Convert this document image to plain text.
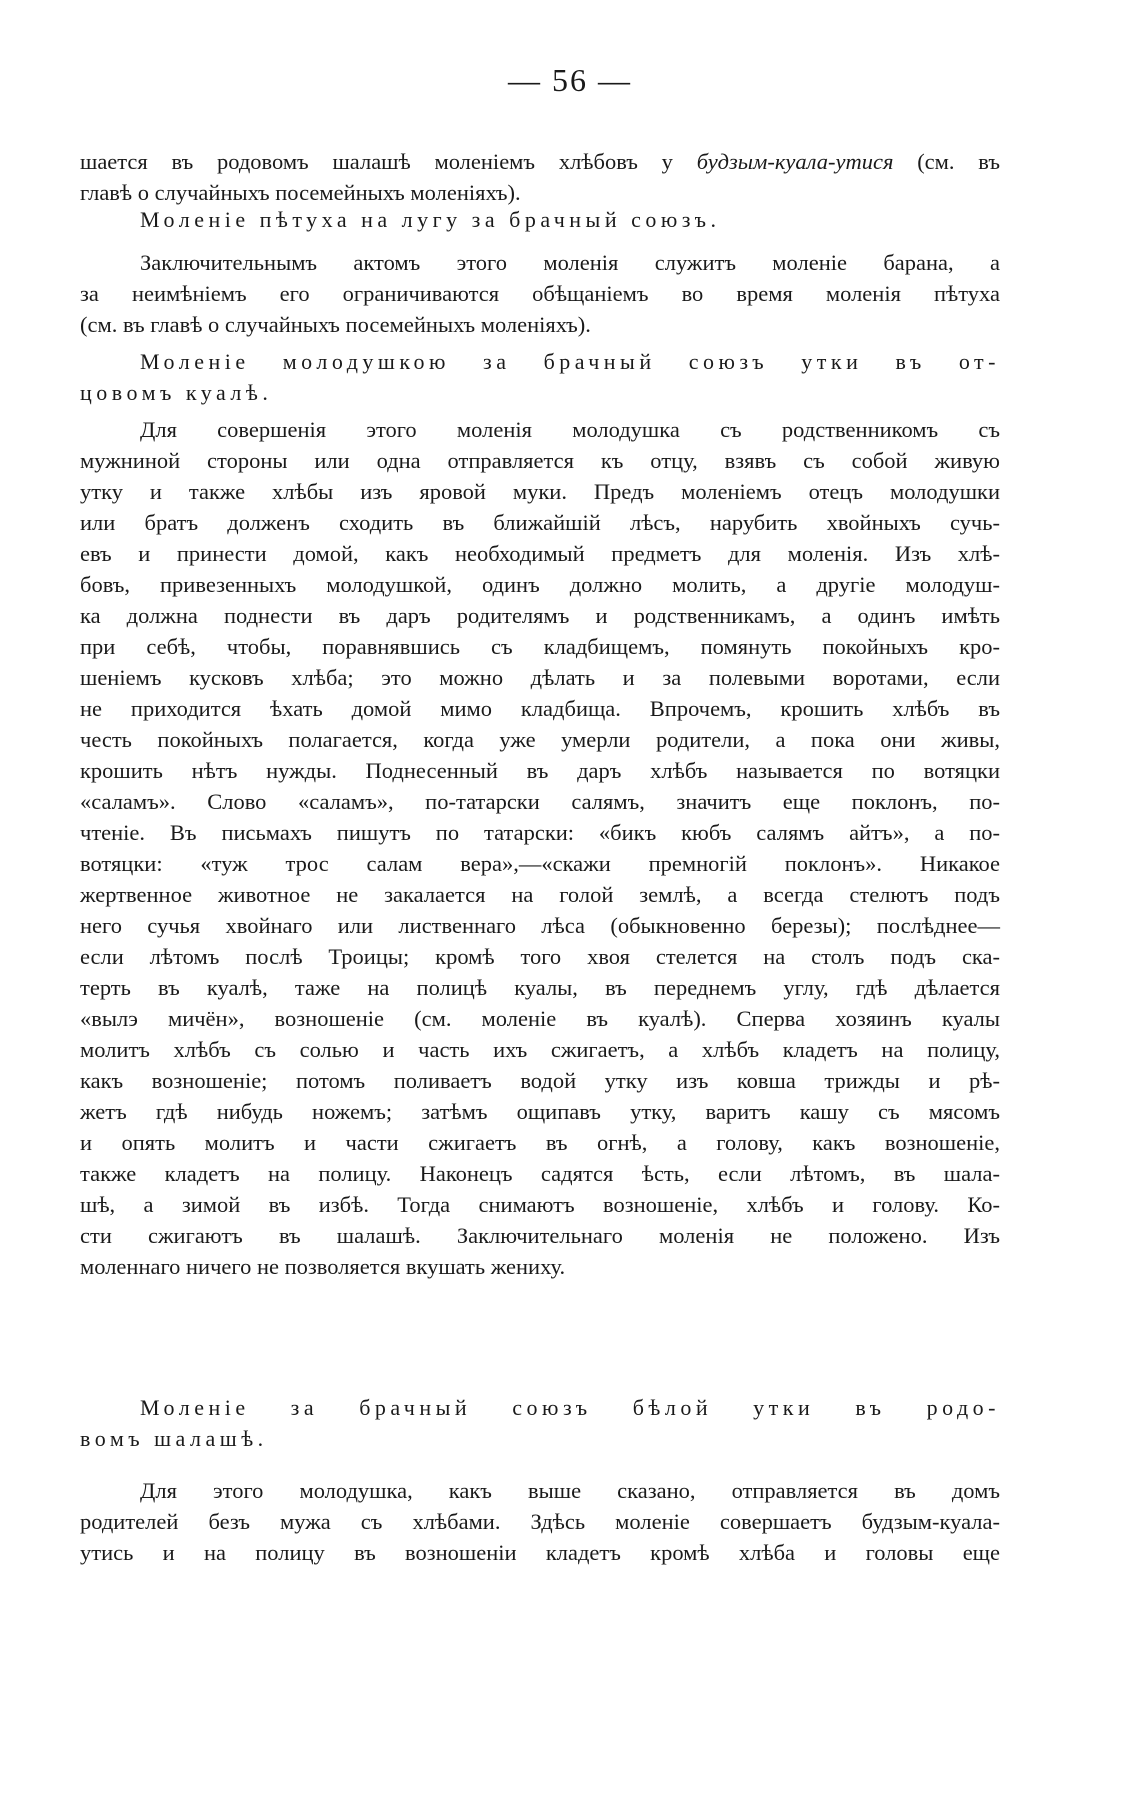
— 56 —
шается въ родовомъ шалашѣ моленіемъ хлѣбовъ у будзым-куала-утися (см. въ
главѣ о случайныхъ посемейныхъ моленіяхъ).
Моленіе пѣтуха на лугу за брачный союзъ.
Заключительнымъ актомъ этого моленія служитъ моленіе барана, а
за неимѣніемъ его ограничиваются обѣщаніемъ во время моленія пѣтуха
(см. въ главѣ о случайныхъ посемейныхъ моленіяхъ).
Моленіе молодушкою за брачный союзъ утки въ от-
цовомъ куалѣ.
Для совершенія этого моленія молодушка съ родственникомъ съ
мужниной стороны или одна отправляется къ отцу, взявъ съ собой живую
утку и также хлѣбы изъ яровой муки. Предъ моленіемъ отецъ молодушки
или братъ долженъ сходить въ ближайшій лѣсъ, нарубить хвойныхъ сучь-
евъ и принести домой, какъ необходимый предметъ для моленія. Изъ хлѣ-
бовъ, привезенныхъ молодушкой, одинъ должно молить, а другіе молодуш-
ка должна поднести въ даръ родителямъ и родственникамъ, а одинъ имѣть
при себѣ, чтобы, поравнявшись съ кладбищемъ, помянуть покойныхъ кро-
шеніемъ кусковъ хлѣба; это можно дѣлать и за полевыми воротами, если
не приходится ѣхать домой мимо кладбища. Впрочемъ, крошить хлѣбъ въ
честь покойныхъ полагается, когда уже умерли родители, а пока они живы,
крошить нѣтъ нужды. Поднесенный въ даръ хлѣбъ называется по вотяцки
«саламъ». Слово «саламъ», по-татарски салямъ, значитъ еще поклонъ, по-
чтеніе. Въ письмахъ пишутъ по татарски: «бикъ кюбъ салямъ айтъ», а по-
вотяцки: «туж трос салам вера»,—«скажи премногій поклонъ». Никакое
жертвенное животное не закалается на голой землѣ, а всегда стелютъ подъ
него сучья хвойнаго или лиственнаго лѣса (обыкновенно березы); послѣднее—
если лѣтомъ послѣ Троицы; кромѣ того хвоя стелется на столъ подъ ска-
терть въ куалѣ, таже на полицѣ куалы, въ переднемъ углу, гдѣ дѣлается
«вылэ мичён», возношеніе (см. моленіе въ куалѣ). Сперва хозяинъ куалы
молитъ хлѣбъ съ солью и часть ихъ сжигаетъ, а хлѣбъ кладетъ на полицу,
какъ возношеніе; потомъ поливаетъ водой утку изъ ковша трижды и рѣ-
жетъ гдѣ нибудь ножемъ; затѣмъ ощипавъ утку, варитъ кашу съ мясомъ
и опять молитъ и части сжигаетъ въ огнѣ, а голову, какъ возношеніе,
также кладетъ на полицу. Наконецъ садятся ѣсть, если лѣтомъ, въ шала-
шѣ, а зимой въ избѣ. Тогда снимаютъ возношеніе, хлѣбъ и голову. Ко-
сти сжигаютъ въ шалашѣ. Заключительнаго моленія не положено. Изъ
моленнаго ничего не позволяется вкушать жениху.
Моленіе за брачный союзъ бѣлой утки въ родо-
вомъ шалашѣ.
Для этого молодушка, какъ выше сказано, отправляется въ домъ
родителей безъ мужа съ хлѣбами. Здѣсь моленіе совершаетъ будзым-куала-
утись и на полицу въ возношеніи кладетъ кромѣ хлѣба и головы еще
